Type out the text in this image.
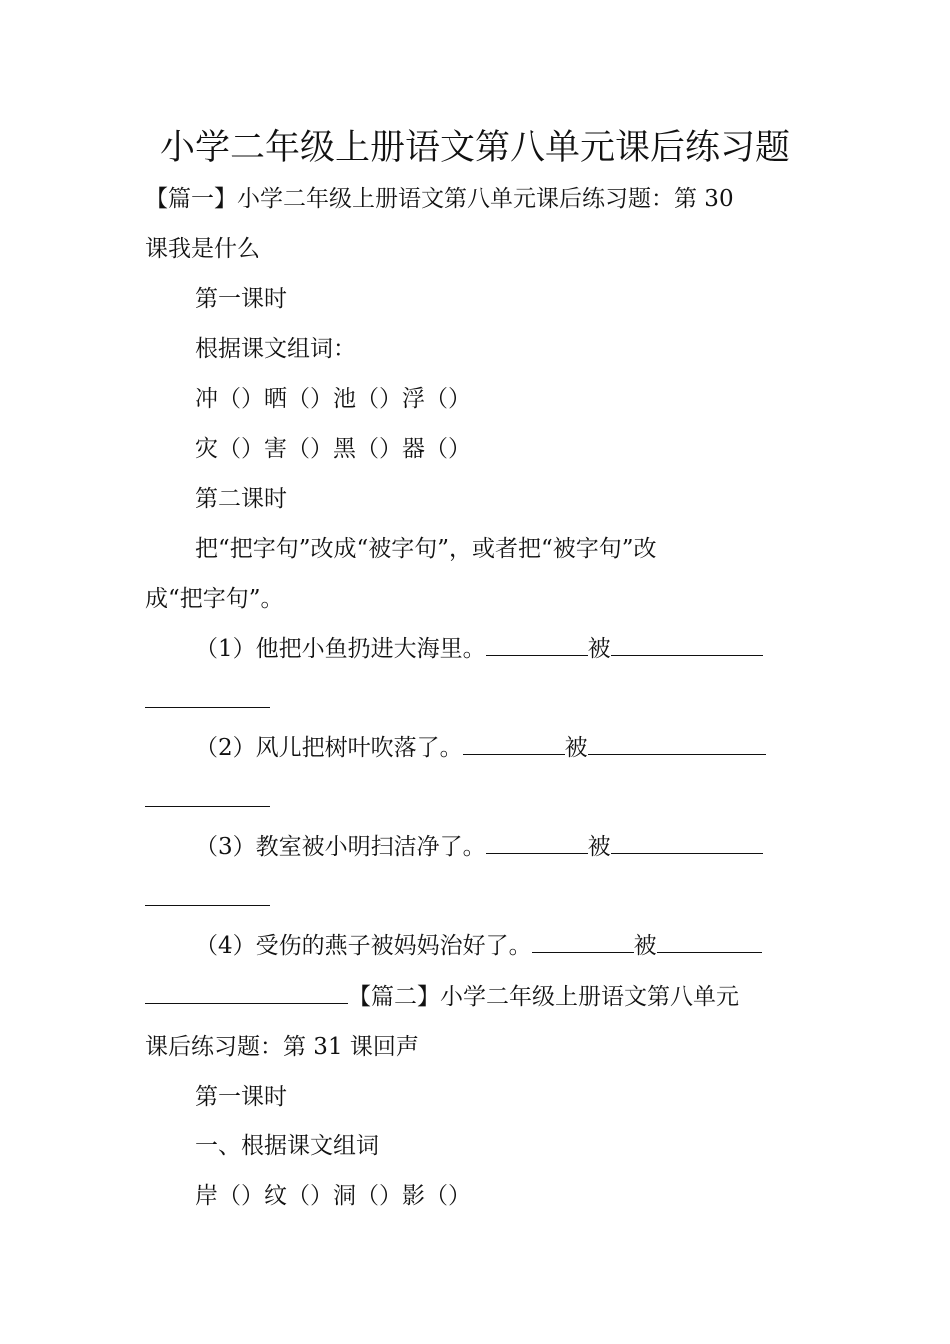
小学二年级上册语文第八单元课后练习题
【篇一】小学二年级上册语文第八单元课后练习题：第 30
课我是什么
第一课时
根据课文组词：
冲（）晒（）池（）浮（）
灾（）害（）黑（）器（）
第二课时
把“把字句”改成“被字句”，或者把“被字句”改
成“把字句”。
（1）他把小鱼扔进大海里。	被
（2）风儿把树叶吹落了。	被
（3）教室被小明扫洁净了。	被
（4）受伤的燕子被妈妈治好了。	被
【篇二】小学二年级上册语文第八单元
课后练习题：第 31 课回声
第一课时
一、根据课文组词
岸（）纹（）洞（）影（）
